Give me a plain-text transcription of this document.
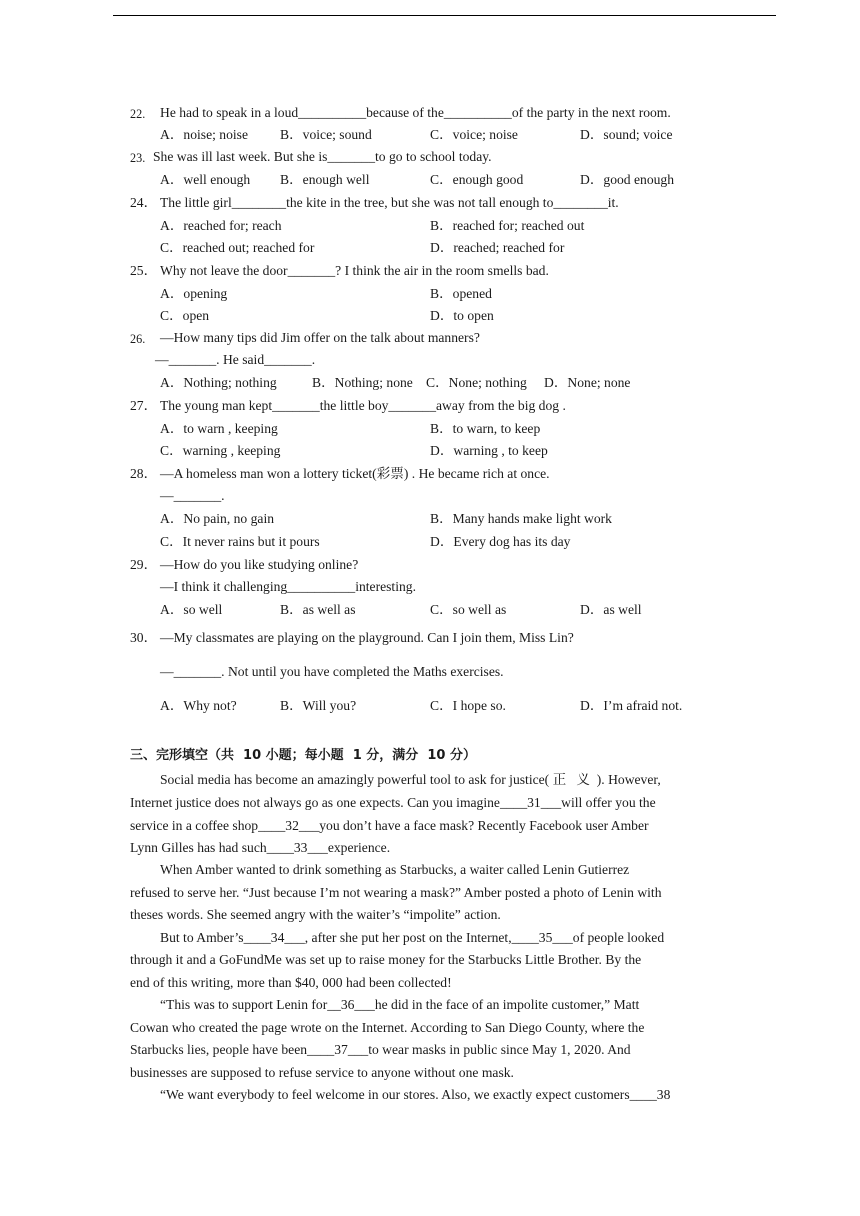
22. He had to speak in a loud__________because of the__________of the party in the next room.
A．noise; noise B．voice; sound	C．voice; noise	D．sound; voice
23. She was ill last week. But she is_______to go to school today.
A．well enough B．enough well	C．enough good	D．good enough
24． The little girl________the kite in the tree, but she was not tall enough to________it.
A．reached for; reach	B．reached for; reached out
C．reached out; reached for	D．reached; reached for
25． Why not leave the door_______? I think the air in the room smells bad.
A．opening	B．opened
C．open	D．to open
26. —How many tips did Jim offer on the talk about manners?
—_______. He said_______.
A．Nothing; nothing	B．Nothing; none C．None; nothing D．None; none
27． The young man kept_______the little boy_______away from the big dog .
A．to warn , keeping	B．to warn, to keep
C．warning , keeping	D．warning , to keep
28． —A homeless man won a lottery ticket(彩票) . He became rich at once.
—_______.
A．No pain, no gain	B．Many hands make light work
C．It never rains but it pours	D．Every dog has its day
29． —How do you like studying online?
—I think it challenging__________interesting.
A．so well	B．as well as	C．so well as	D．as well
30． —My classmates are playing on the playground. Can I join them, Miss Lin?
—_______. Not until you have completed the Maths exercises.
A．Why not?	B．Will you?	C．I hope so.	D．I’m afraid not.
三、完形填空（共  10 小题；每小题  1 分，满分  10 分）
Social media has become an amazingly powerful tool to ask for justice( 正   义  ). However,
Internet justice does not always go as one expects. Can you imagine____31___will offer you the
service in a coffee shop____32___you don’t have a face mask? Recently Facebook user Amber
Lynn Gilles has had such____33___experience.
When Amber wanted to drink something as Starbucks, a waiter called Lenin Gutierrez
refused to serve her. “Just because I’m not wearing a mask?” Amber posted a photo of Lenin with
theses words. She seemed angry with the waiter’s “impolite” action.
But to Amber’s____34___, after she put her post on the Internet,____35___of people looked
through it and a GoFundMe was set up to raise money for the Starbucks Little Brother. By the
end of this writing, more than $40, 000 had been collected!
“This was to support Lenin for__36___he did in the face of an impolite customer,” Matt
Cowan who created the page wrote on the Internet. According to San Diego County, where the
Starbucks lies, people have been____37___to wear masks in public since May 1, 2020. And
businesses are supposed to refuse service to anyone without one mask.
“We want everybody to feel welcome in our stores. Also, we exactly expect customers____38
